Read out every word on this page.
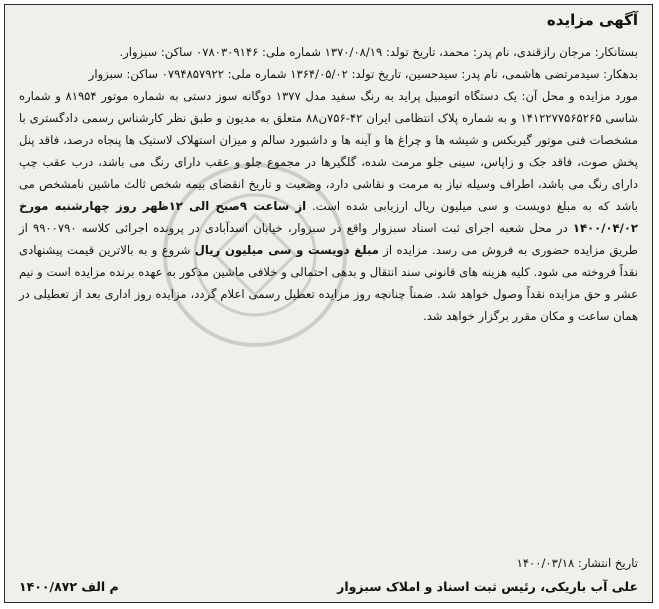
آگهی مزایده

بستانکار: مرجان رازقندی، نام پدر: محمد، تاریخ تولد: ۱۳۷۰/۰۸/۱۹ شماره ملی: ۰۷۸۰۳۰۹۱۴۶ ساکن: سبزوار.

بدهکار: سیدمرتضی هاشمی، نام پدر: سیدحسین، تاریخ تولد: ۱۳۶۴/۰۵/۰۲ شماره ملی: ۰۷۹۴۸۵۷۹۲۲ ساکن: سبزوار

مورد مزایده و محل آن: یک دستگاه اتومبیل پراید به رنگ سفید مدل ۱۳۷۷ دوگانه سوز دستی به شماره موتور ۸۱۹۵۴ و شماره شاسی ۱۴۱۲۲۷۷۵۶۵۲۶۵ و به شماره پلاک انتظامی ایران ۴۲-۷۵۶ن۸۸ متعلق به مدیون و طبق نظر کارشناس رسمی دادگستری با مشخصات فنی موتور گیربکس و شیشه ها و چراغ ها و آینه ها و داشبورد سالم و میزان استهلاک لاستیک ها پنجاه درصد، فاقد پنل پخش صوت، فاقد جک و زاپاس، سینی جلو مرمت شده، گلگیرها در مجموع جلو و عقب دارای رنگ می باشد، درب عقب چپ دارای رنگ می باشد، اطراف وسیله نیاز به مرمت و نقاشی دارد، وضعیت و تاریخ انقضای بیمه شخص ثالث ماشین نامشخص می باشد که به مبلغ دویست و سی میلیون ریال ارزیابی شده است. از ساعت ۹صبح الی ۱۲ظهر روز چهارشنبه مورخ ۱۴۰۰/۰۴/۰۲ در محل شعبه اجرای ثبت اسناد سبزوار واقع در سبزوار، خیابان اسدآبادی در پرونده اجرائی کلاسه ۹۹۰۰۷۹۰ از طریق مزایده حضوری به فروش می رسد. مزایده از مبلغ دویست و سی میلیون ریال شروع و به بالاترین قیمت پیشنهادی نقداً فروخته می شود. کلیه هزینه های قانونی سند انتقال و بدهی احتمالی و خلافی ماشین مذکور به عهده برنده مزایده است و نیم عشر و حق مزایده نقداً وصول خواهد شد. ضمناً چنانچه روز مزایده تعطیل رسمی اعلام گردد، مزایده روز اداری بعد از تعطیلی در همان ساعت و مکان مقرر برگزار خواهد شد.

تاریخ انتشار: ۱۴۰۰/۰۳/۱۸
علی آب باریکی، رئیس ثبت اسناد و املاک سبزوار
م الف ۱۴۰۰/۸۷۲
